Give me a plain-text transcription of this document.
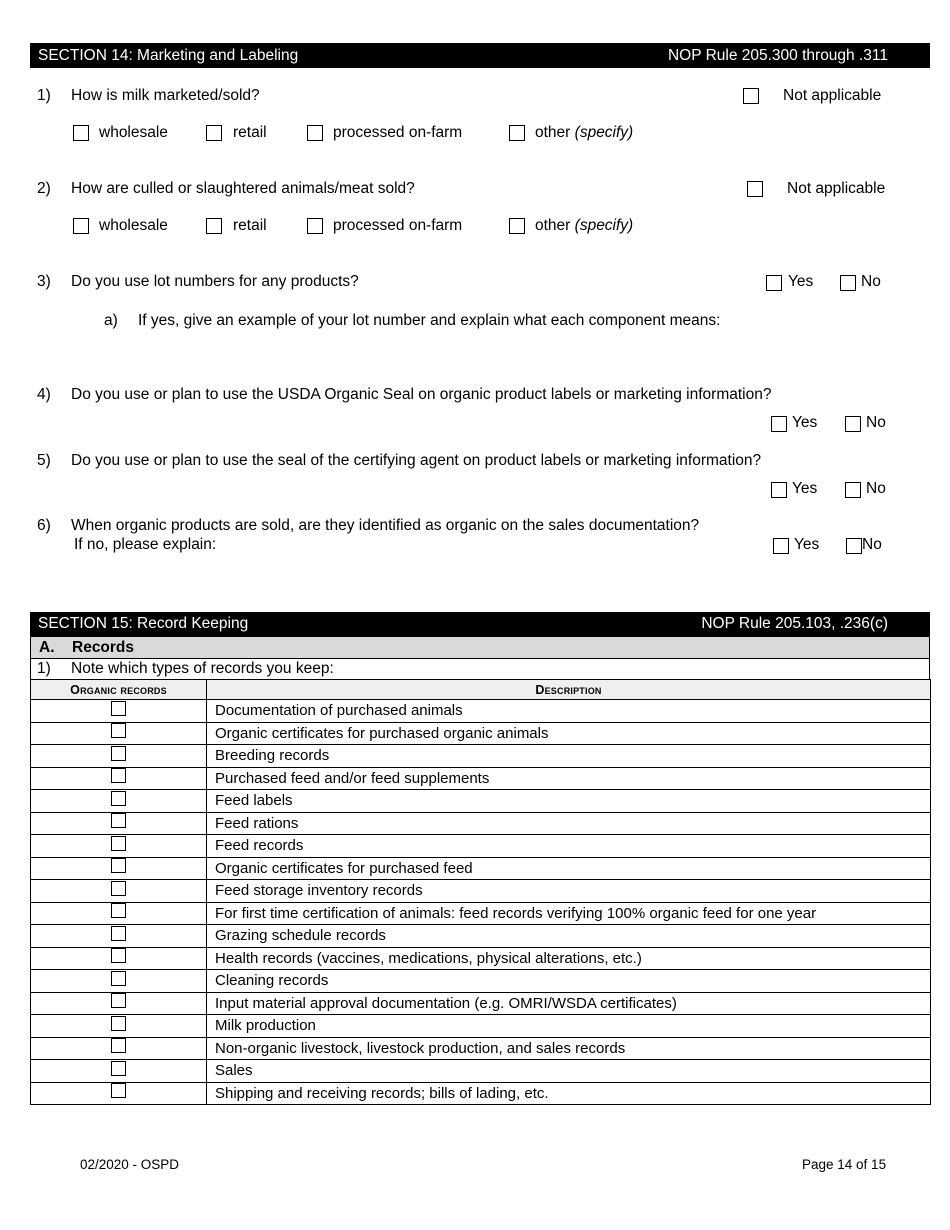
SECTION 14: Marketing and Labeling	NOP Rule 205.300 through .311
1) How is milk marketed/sold?	Not applicable
wholesale	retail	processed on-farm	other (specify)
2) How are culled or slaughtered animals/meat sold?	Not applicable
wholesale	retail	processed on-farm	other (specify)
3) Do you use lot numbers for any products?	Yes	No
a) If yes, give an example of your lot number and explain what each component means:
4) Do you use or plan to use the USDA Organic Seal on organic product labels or marketing information?
Yes	No
5) Do you use or plan to use the seal of the certifying agent on product labels or marketing information?
Yes	No
6) When organic products are sold, are they identified as organic on the sales documentation?
If no, please explain:	Yes	No
SECTION 15: Record Keeping	NOP Rule 205.103, .236(c)
A. Records
1) Note which types of records you keep:
Organic records	Description
	Documentation of purchased animals
	Organic certificates for purchased organic animals
	Breeding records
	Purchased feed and/or feed supplements
	Feed labels
	Feed rations
	Feed records
	Organic certificates for purchased feed
	Feed storage inventory records
	For first time certification of animals: feed records verifying 100% organic feed for one year
	Grazing schedule records
	Health records (vaccines, medications, physical alterations, etc.)
	Cleaning records
	Input material approval documentation (e.g. OMRI/WSDA certificates)
	Milk production
	Non-organic livestock, livestock production, and sales records
	Sales
	Shipping and receiving records; bills of lading, etc.
02/2020 - OSPD	Page 14 of 15
